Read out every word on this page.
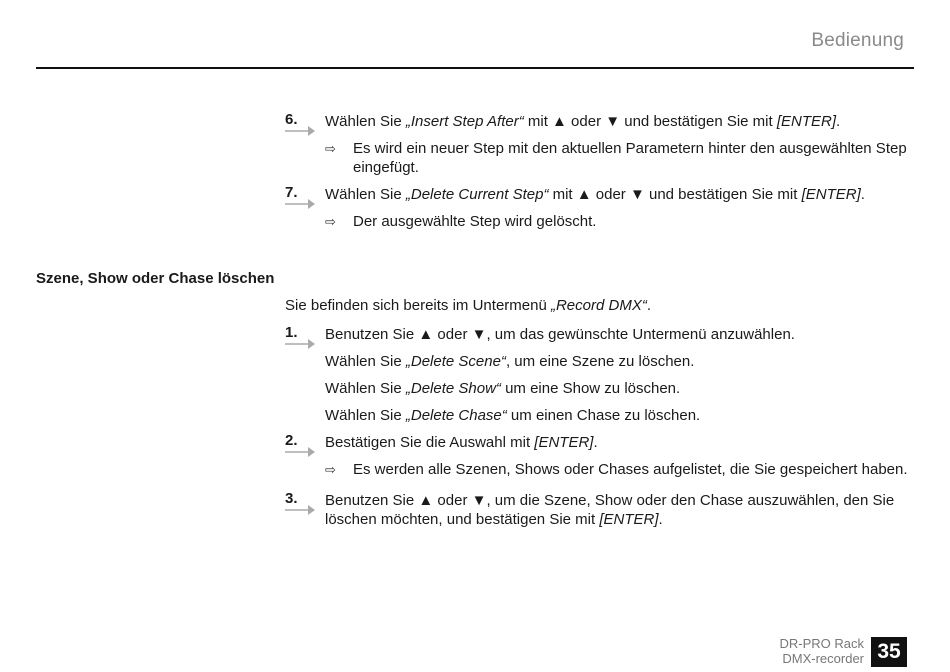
Bedienung
6. Wählen Sie „Insert Step After“ mit ▲ oder ▼ und bestätigen Sie mit [ENTER].
⇨	Es wird ein neuer Step mit den aktuellen Parametern hinter den ausgewählten Step eingefügt.
7. Wählen Sie „Delete Current Step“ mit ▲ oder ▼ und bestätigen Sie mit [ENTER].
⇨	Der ausgewählte Step wird gelöscht.
Szene, Show oder Chase löschen
Sie befinden sich bereits im Untermenü „Record DMX“.
1. Benutzen Sie ▲ oder ▼, um das gewünschte Untermenü anzuwählen.
Wählen Sie „Delete Scene“, um eine Szene zu löschen.
Wählen Sie „Delete Show“ um eine Show zu löschen.
Wählen Sie „Delete Chase“ um einen Chase zu löschen.
2. Bestätigen Sie die Auswahl mit [ENTER].
⇨	Es werden alle Szenen, Shows oder Chases aufgelistet, die Sie gespeichert haben.
3. Benutzen Sie ▲ oder ▼, um die Szene, Show oder den Chase auszuwählen, den Sie
löschen möchten, und bestätigen Sie mit [ENTER].
DR-PRO Rack
DMX-recorder 35
